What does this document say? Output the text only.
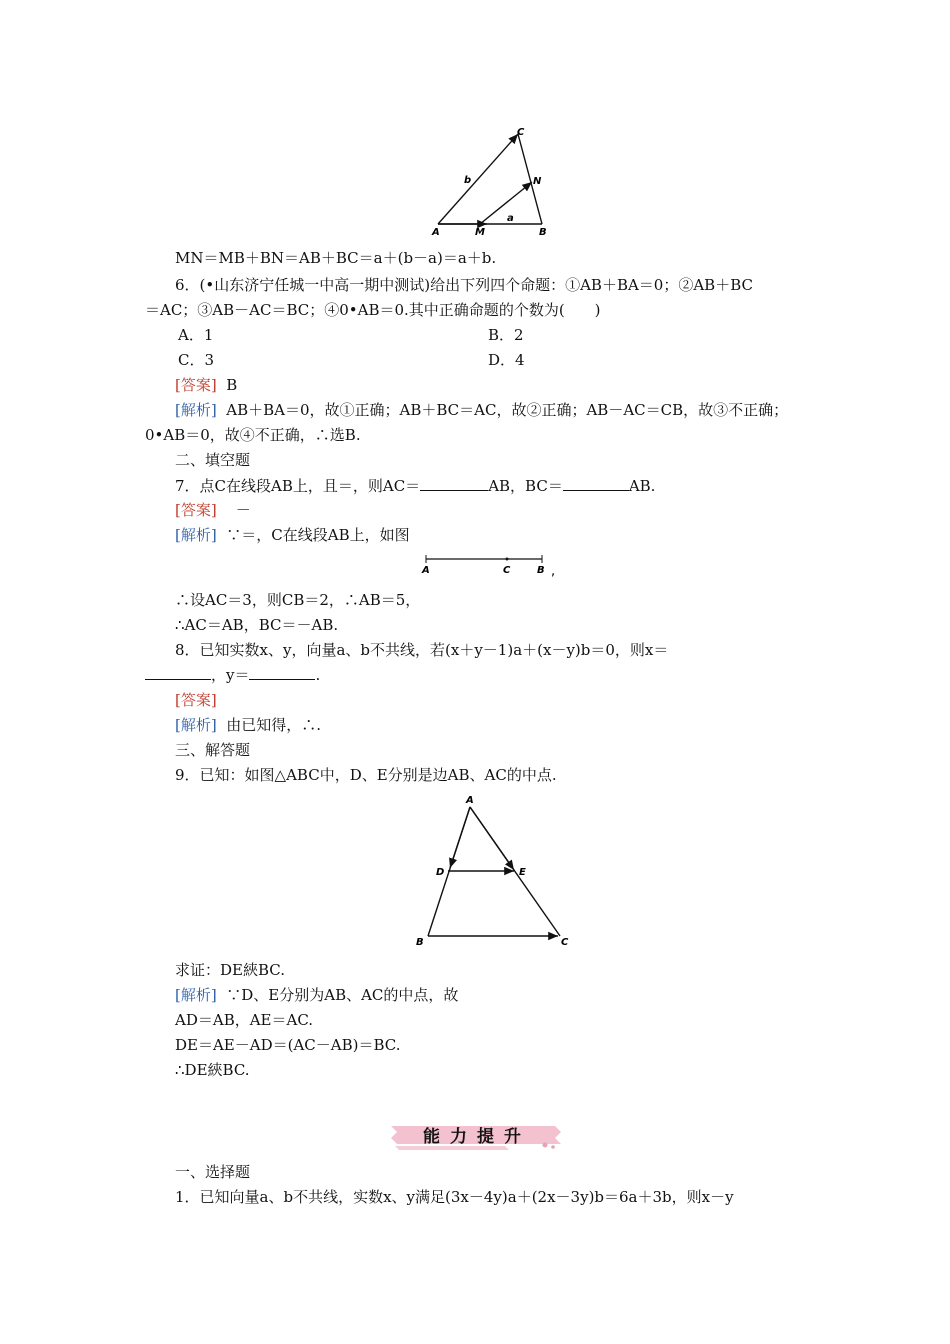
C
b	N
A	M
a
B
MN＝MB＋BN＝AB＋BC＝a＋(b－a)＝a＋b.
6．(•山东济宁任城一中高一期中测试)给出下列四个命题：①AB＋BA＝0；②AB＋BC
＝AC；③AB－AC＝BC；④0•AB＝0.其中正确命题的个数为(　　)
A．1	B．2
C．3	D．4
[答案] B
[解析] AB＋BA＝0，故①正确；AB＋BC＝AC，故②正确；AB－AC＝CB，故③不正确；
0•AB＝0，故④不正确，∴选B.
二、填空题
7．点C在线段AB上，且＝，则AC＝	AB，BC＝	AB.
[答案] －
[解析] ∵＝，C在线段AB上，如图
A	C	B ,
∴设AC＝3，则CB＝2，∴AB＝5，
∴AC＝AB，BC＝－AB.
8．已知实数x、y，向量a、b不共线，若(x＋y－1)a＋(x－y)b＝0，则x＝
，y＝	.
[答案]
[解析] 由已知得，∴.
三、解答题
9．已知：如图△ABC中，D、E分别是边AB、AC的中点.
A
D	E
B	C
求证：DE綊BC.
[解析] ∵D、E分别为AB、AC的中点，故
AD＝AB，AE＝AC.
DE＝AE－AD＝(AC－AB)＝BC.
∴DE綊BC.
能力提升
一、选择题
1．已知向量a、b不共线，实数x、y满足(3x－4y)a＋(2x－3y)b＝6a＋3b，则x－y
